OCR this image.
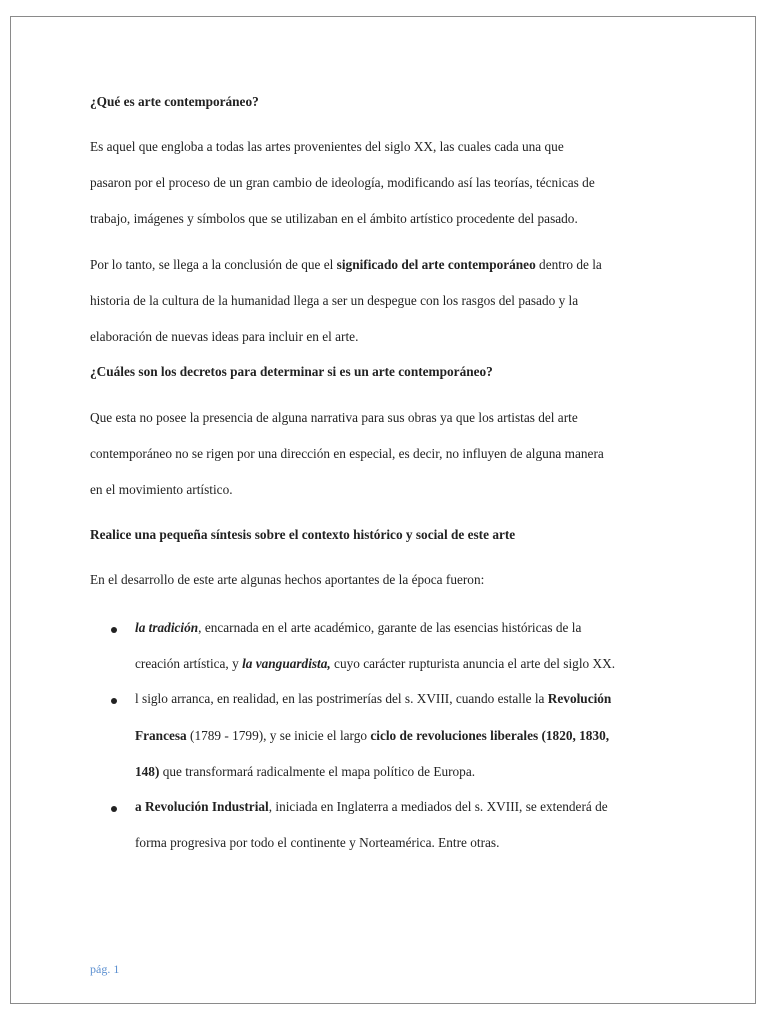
¿Qué es arte contemporáneo?
Es aquel que engloba a todas las artes provenientes del siglo XX, las cuales cada una que
pasaron por el proceso de un gran cambio de ideología, modificando así las teorías, técnicas de
trabajo, imágenes y símbolos que se utilizaban en el ámbito artístico procedente del pasado.
Por lo tanto, se llega a la conclusión de que el significado del arte contemporáneo dentro de la
historia de la cultura de la humanidad llega a ser un despegue con los rasgos del pasado y la
elaboración de nuevas ideas para incluir en el arte.
¿Cuáles son los decretos para determinar si es un arte contemporáneo?
Que esta no posee la presencia de alguna narrativa para sus obras ya que los artistas del arte
contemporáneo no se rigen por una dirección en especial, es decir, no influyen de alguna manera
en el movimiento artístico.
Realice una pequeña síntesis sobre el contexto histórico y social de este arte
En el desarrollo de este arte algunas hechos aportantes de la época fueron:
la tradición, encarnada en el arte académico, garante de las esencias históricas de la
creación artística, y la vanguardista, cuyo carácter rupturista anuncia el arte del siglo XX.
l siglo arranca, en realidad, en las postrimerías del s. XVIII, cuando estalle la Revolución
Francesa (1789 - 1799), y se inicie el largo ciclo de revoluciones liberales (1820, 1830,
148) que transformará radicalmente el mapa político de Europa.
a Revolución Industrial, iniciada en Inglaterra a mediados del s. XVIII, se extenderá de
forma progresiva por todo el continente y Norteamérica. Entre otras.
pág. 1
